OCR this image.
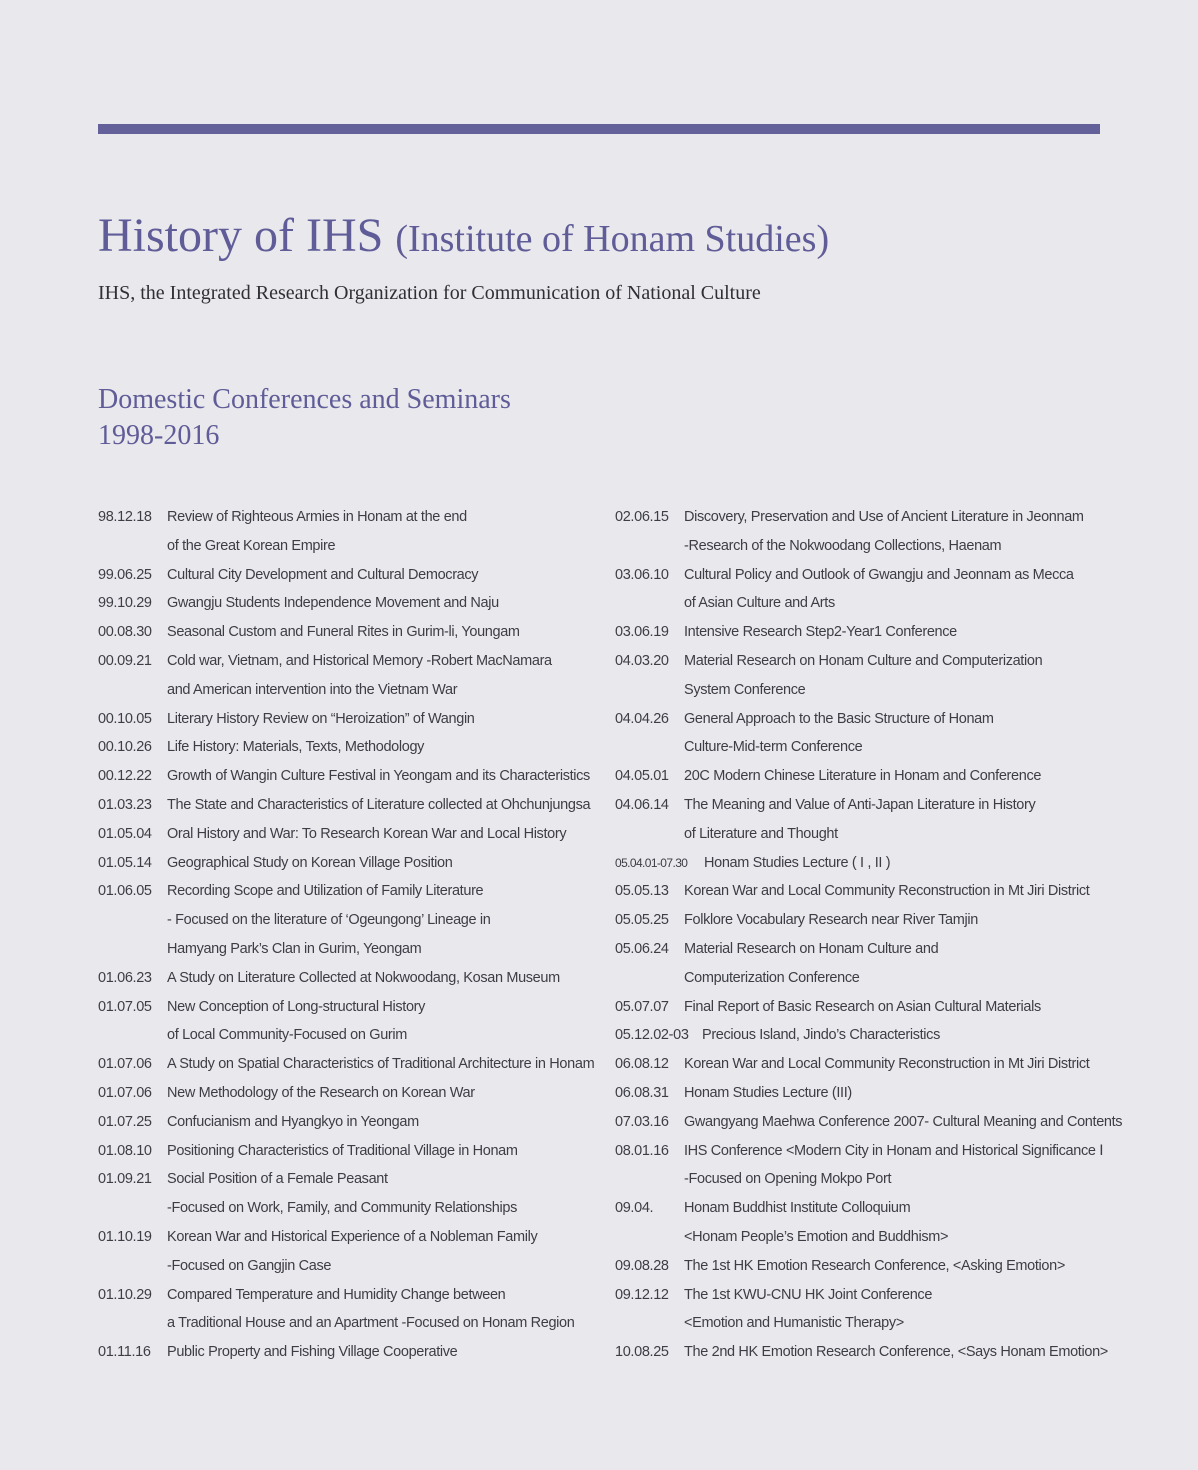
History of IHS (Institute of Honam Studies)

IHS, the Integrated Research Organization for Communication of National Culture

Domestic Conferences and Seminars
1998-2016
98.12.18	Review of Righteous Armies in Honam at the end
of the Great Korean Empire
99.06.25	Cultural City Development and Cultural Democracy
99.10.29	Gwangju Students Independence Movement and Naju
00.08.30	Seasonal Custom and Funeral Rites in Gurim-li, Youngam
00.09.21	Cold war, Vietnam, and Historical Memory -Robert MacNamara
and American intervention into the Vietnam War
00.10.05	Literary History Review on “Heroization” of Wangin
00.10.26	Life History: Materials, Texts, Methodology
00.12.22	Growth of Wangin Culture Festival in Yeongam and its Characteristics
01.03.23	The State and Characteristics of Literature collected at Ohchunjungsa
01.05.04	Oral History and War: To Research Korean War and Local History
01.05.14	Geographical Study on Korean Village Position
01.06.05	Recording Scope and Utilization of Family Literature
- Focused on the literature of ‘Ogeungong’ Lineage in
Hamyang Park’s Clan in Gurim, Yeongam
01.06.23	A Study on Literature Collected at Nokwoodang, Kosan Museum
01.07.05	New Conception of Long-structural History
of Local Community-Focused on Gurim
01.07.06	A Study on Spatial Characteristics of Traditional Architecture in Honam
01.07.06	New Methodology of the Research on Korean War
01.07.25	Confucianism and Hyangkyo in Yeongam
01.08.10	Positioning Characteristics of Traditional Village in Honam
01.09.21	Social Position of a Female Peasant
-Focused on Work, Family, and Community Relationships
01.10.19	Korean War and Historical Experience of a Nobleman Family
-Focused on Gangjin Case
01.10.29	Compared Temperature and Humidity Change between
a Traditional House and an Apartment -Focused on Honam Region
01.11.16	Public Property and Fishing Village Cooperative
02.06.15	Discovery, Preservation and Use of Ancient Literature in Jeonnam
-Research of the Nokwoodang Collections, Haenam
03.06.10	Cultural Policy and Outlook of Gwangju and Jeonnam as Mecca
of Asian Culture and Arts
03.06.19	Intensive Research Step2-Year1 Conference
04.03.20	Material Research on Honam Culture and Computerization
System Conference
04.04.26	General Approach to the Basic Structure of Honam
Culture-Mid-term Conference
04.05.01	20C Modern Chinese Literature in Honam and Conference
04.06.14	The Meaning and Value of Anti-Japan Literature in History
of Literature and Thought
05.04.01-07.30	Honam Studies Lecture ( I , II )
05.05.13	Korean War and Local Community Reconstruction in Mt Jiri District
05.05.25	Folklore Vocabulary Research near River Tamjin
05.06.24	Material Research on Honam Culture and
Computerization Conference
05.07.07	Final Report of Basic Research on Asian Cultural Materials
05.12.02-03 Precious Island, Jindo’s Characteristics
06.08.12	Korean War and Local Community Reconstruction in Mt Jiri District
06.08.31	Honam Studies Lecture (III)
07.03.16	Gwangyang Maehwa Conference 2007- Cultural Meaning and Contents
08.01.16	IHS Conference <Modern City in Honam and Historical Significance Ⅰ
-Focused on Opening Mokpo Port
09.04.	Honam Buddhist Institute Colloquium
<Honam People’s Emotion and Buddhism>
09.08.28	The 1st HK Emotion Research Conference, <Asking Emotion>
09.12.12	The 1st KWU-CNU HK Joint Conference
<Emotion and Humanistic Therapy>
10.08.25	The 2nd HK Emotion Research Conference, <Says Honam Emotion>
